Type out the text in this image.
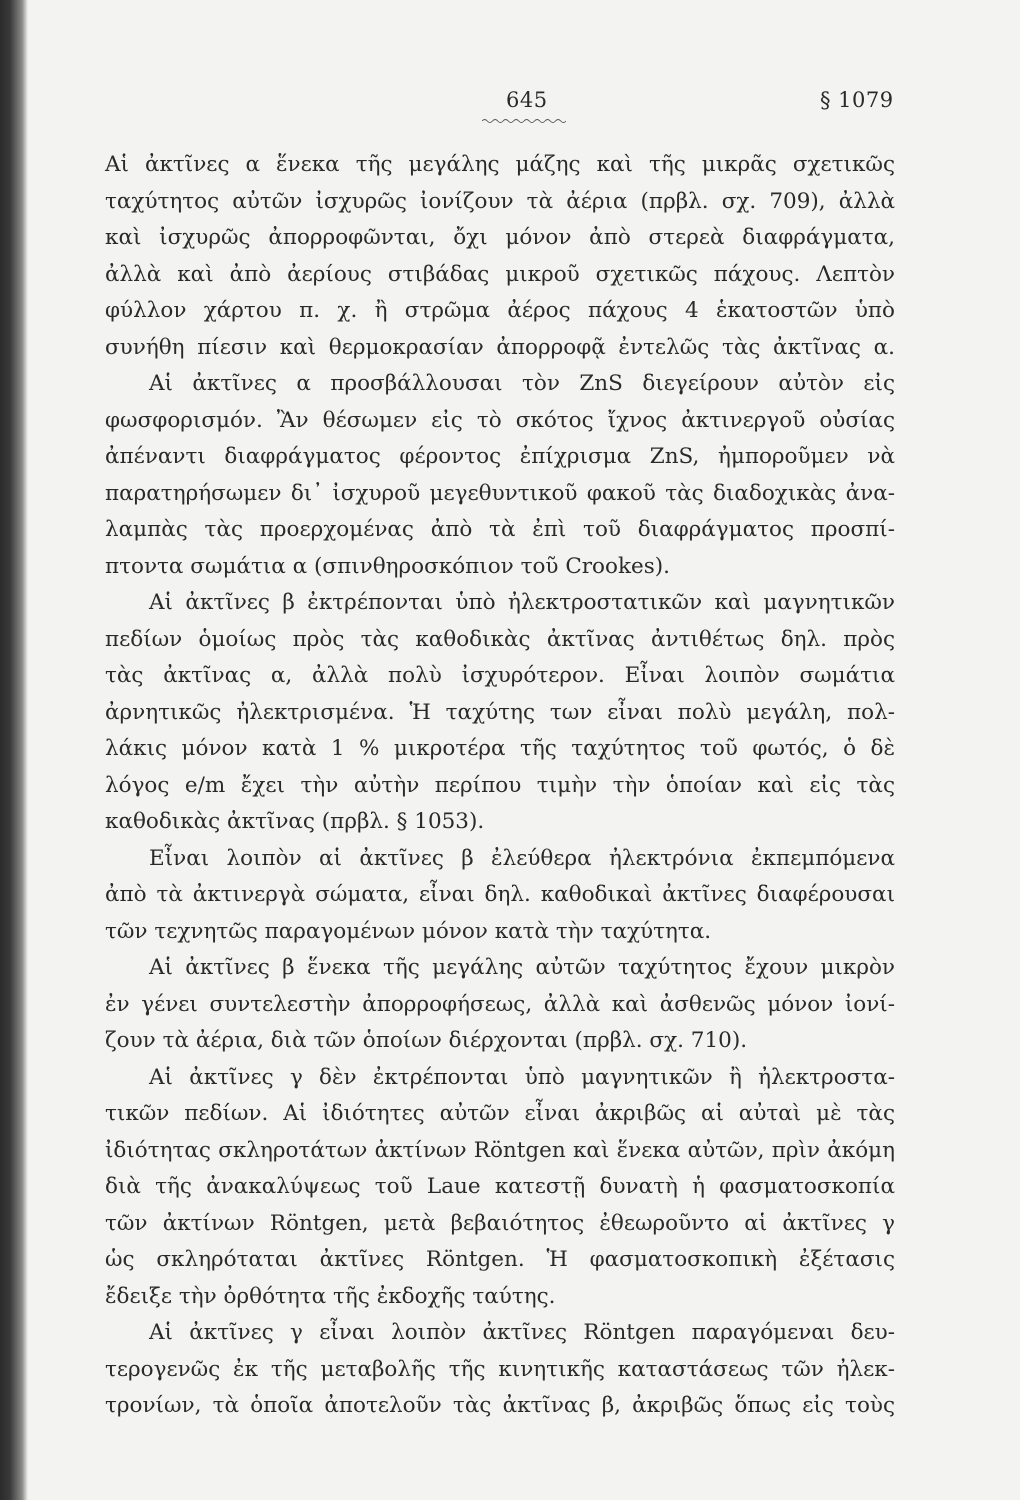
645	§ 1079
Αἱ ἀκτῖνες α ἕνεκα τῆς μεγάλης μάζης καὶ τῆς μικρᾶς σχετικῶς
ταχύτητος αὐτῶν ἰσχυρῶς ἰονίζουν τὰ ἀέρια (πρβλ. σχ. 709), ἀλλὰ
καὶ ἰσχυρῶς ἀπορροφῶνται, ὄχι μόνον ἀπὸ στερεὰ διαφράγματα,
ἀλλὰ καὶ ἀπὸ ἀερίους στιβάδας μικροῦ σχετικῶς πάχους. Λεπτὸν
φύλλον χάρτου π. χ. ἢ στρῶμα ἀέρος πάχους 4 ἑκατοστῶν ὑπὸ
συνήθη πίεσιν καὶ θερμοκρασίαν ἀπορροφᾷ ἐντελῶς τὰς ἀκτῖνας α.
Αἱ ἀκτῖνες α προσβάλλουσαι τὸν ZnS διεγείρουν αὐτὸν εἰς
φωσφορισμόν. Ἂν θέσωμεν εἰς τὸ σκότος ἴχνος ἀκτινεργοῦ οὐσίας
ἀπέναντι διαφράγματος φέροντος ἐπίχρισμα ZnS, ἠμποροῦμεν νὰ
παρατηρήσωμεν δι᾽ ἰσχυροῦ μεγεθυντικοῦ φακοῦ τὰς διαδοχικὰς ἀνα-
λαμπὰς τὰς προερχομένας ἀπὸ τὰ ἐπὶ τοῦ διαφράγματος προσπί-
πτοντα σωμάτια α (σπινθηροσκόπιον τοῦ Crookes).
Αἱ ἀκτῖνες β ἐκτρέπονται ὑπὸ ἠλεκτροστατικῶν καὶ μαγνητικῶν
πεδίων ὁμοίως πρὸς τὰς καθοδικὰς ἀκτῖνας ἀντιθέτως δηλ. πρὸς
τὰς ἀκτῖνας α, ἀλλὰ πολὺ ἰσχυρότερον. Εἶναι λοιπὸν σωμάτια
ἀρνητικῶς ἠλεκτρισμένα. Ἡ ταχύτης των εἶναι πολὺ μεγάλη, πολ-
λάκις μόνον κατὰ 1 % μικροτέρα τῆς ταχύτητος τοῦ φωτός, ὁ δὲ
λόγος e/m ἔχει τὴν αὐτὴν περίπου τιμὴν τὴν ὁποίαν καὶ εἰς τὰς
καθοδικὰς ἀκτῖνας (πρβλ. § 1053).
Εἶναι λοιπὸν αἱ ἀκτῖνες β ἐλεύθερα ἠλεκτρόνια ἐκπεμπόμενα
ἀπὸ τὰ ἀκτινεργὰ σώματα, εἶναι δηλ. καθοδικαὶ ἀκτῖνες διαφέρουσαι
τῶν τεχνητῶς παραγομένων μόνον κατὰ τὴν ταχύτητα.
Αἱ ἀκτῖνες β ἕνεκα τῆς μεγάλης αὐτῶν ταχύτητος ἔχουν μικρὸν
ἐν γένει συντελεστὴν ἀπορροφήσεως, ἀλλὰ καὶ ἀσθενῶς μόνον ἰονί-
ζουν τὰ ἀέρια, διὰ τῶν ὁποίων διέρχονται (πρβλ. σχ. 710).
Αἱ ἀκτῖνες γ δὲν ἐκτρέπονται ὑπὸ μαγνητικῶν ἢ ἠλεκτροστα-
τικῶν πεδίων. Αἱ ἰδιότητες αὐτῶν εἶναι ἀκριβῶς αἱ αὐταὶ μὲ τὰς
ἰδιότητας σκληροτάτων ἀκτίνων Röntgen καὶ ἕνεκα αὐτῶν, πρὶν ἀκόμη
διὰ τῆς ἀνακαλύψεως τοῦ Laue κατεστῇ δυνατὴ ἡ φασματοσκοπία
τῶν ἀκτίνων Röntgen, μετὰ βεβαιότητος ἐθεωροῦντο αἱ ἀκτῖνες γ
ὡς σκληρόταται ἀκτῖνες Röntgen. Ἡ φασματοσκοπικὴ ἐξέτασις
ἔδειξε τὴν ὀρθότητα τῆς ἐκδοχῆς ταύτης.
Αἱ ἀκτῖνες γ εἶναι λοιπὸν ἀκτῖνες Röntgen παραγόμεναι δευ-
τερογενῶς ἐκ τῆς μεταβολῆς τῆς κινητικῆς καταστάσεως τῶν ἠλεκ-
τρονίων, τὰ ὁποῖα ἀποτελοῦν τὰς ἀκτῖνας β, ἀκριβῶς ὅπως εἰς τοὺς
